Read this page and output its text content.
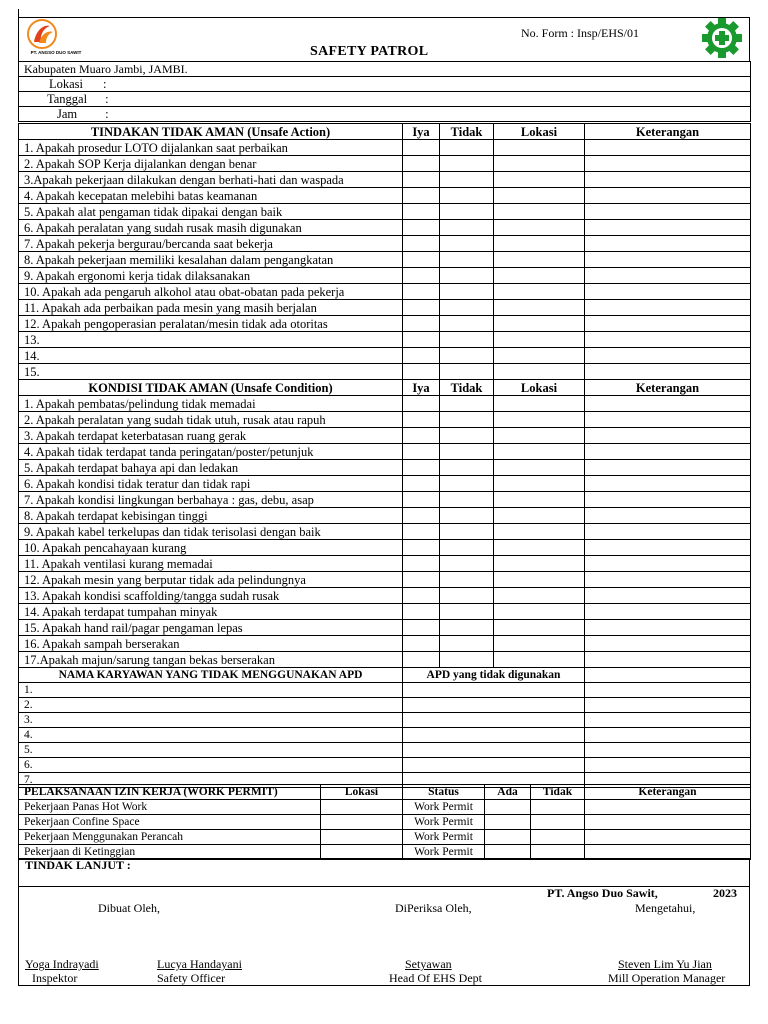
PT. ANGSO DUO SAWIT
No. Form : Insp/EHS/01
SAFETY PATROL
Kabupaten Muaro Jambi, JAMBI.
Lokasi :
Tanggal :
Jam :
TINDAKAN TIDAK AMAN (Unsafe Action)	Iya	Tidak	Lokasi	Keterangan
1. Apakah prosedur LOTO dijalankan saat perbaikan				
2. Apakah SOP Kerja dijalankan dengan benar				
3.Apakah pekerjaan dilakukan dengan berhati-hati dan waspada				
4. Apakah kecepatan melebihi batas keamanan				
5. Apakah alat pengaman tidak dipakai dengan baik				
6. Apakah peralatan yang sudah rusak masih digunakan				
7. Apakah pekerja bergurau/bercanda saat bekerja				
8. Apakah pekerjaan memiliki kesalahan dalam pengangkatan				
9. Apakah ergonomi kerja tidak dilaksanakan				
10. Apakah ada pengaruh alkohol atau obat-obatan pada pekerja				
11. Apakah ada perbaikan pada mesin yang masih berjalan				
12. Apakah pengoperasian peralatan/mesin tidak ada otoritas				
13.				
14.				
15.				
KONDISI TIDAK AMAN (Unsafe Condition)	Iya	Tidak	Lokasi	Keterangan
1. Apakah pembatas/pelindung tidak memadai				
2. Apakah peralatan yang sudah tidak utuh, rusak atau rapuh				
3. Apakah terdapat keterbatasan ruang gerak				
4. Apakah tidak terdapat tanda peringatan/poster/petunjuk				
5. Apakah terdapat bahaya api dan ledakan				
6. Apakah kondisi tidak teratur dan tidak rapi				
7. Apakah kondisi lingkungan berbahaya : gas, debu, asap				
8. Apakah terdapat kebisingan tinggi				
9. Apakah kabel terkelupas dan tidak terisolasi dengan baik				
10. Apakah pencahayaan kurang				
11. Apakah ventilasi kurang memadai				
12. Apakah mesin yang berputar tidak ada pelindungnya				
13. Apakah kondisi scaffolding/tangga sudah rusak				
14. Apakah terdapat tumpahan minyak				
15. Apakah hand rail/pagar pengaman lepas				
16. Apakah sampah berserakan				
17.Apakah majun/sarung tangan bekas berserakan				
NAMA KARYAWAN YANG TIDAK MENGGUNAKAN APD	APD yang tidak digunakan	
1.		
2.		
3.		
4.		
5.		
6.		
7.		
PELAKSANAAN IZIN KERJA (WORK PERMIT)	Lokasi	Status	Ada	Tidak	Keterangan
Pekerjaan Panas Hot Work		Work Permit			
Pekerjaan Confine Space		Work Permit			
Pekerjaan Menggunakan Perancah		Work Permit			
Pekerjaan di Ketinggian		Work Permit			
TINDAK LANJUT :
PT. Angso Duo Sawit,	2023
Dibuat Oleh,	DiPeriksa Oleh,	Mengetahui,
Yoga Indrayadi
Inspektor
Lucya Handayani
Safety Officer
Setyawan
Head Of EHS Dept
Steven Lim Yu Jian
Mill Operation Manager
